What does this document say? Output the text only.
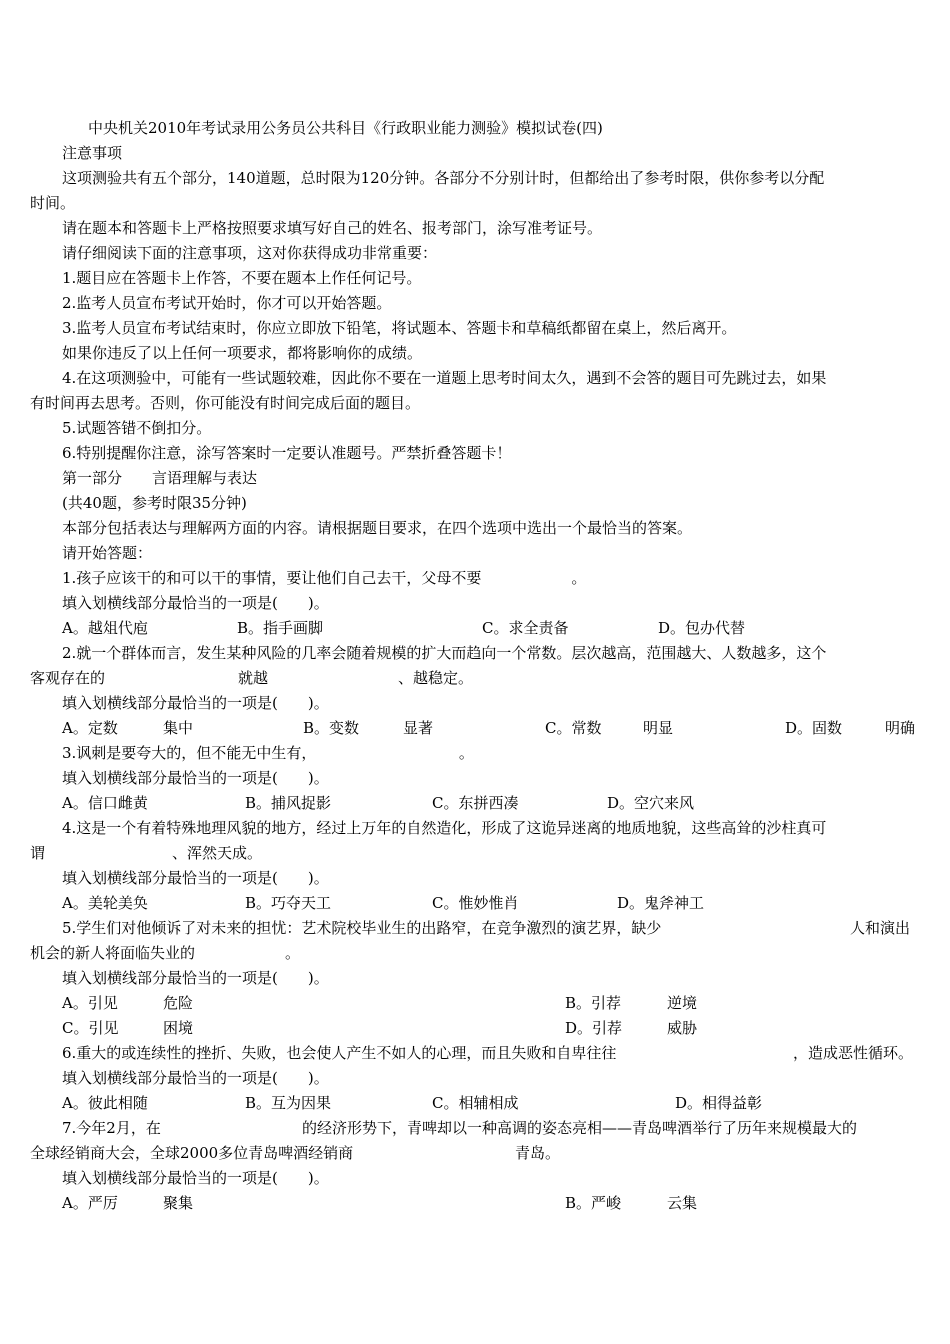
中央机关2010年考试录用公务员公共科目《行政职业能力测验》模拟试卷(四)
注意事项
这项测验共有五个部分，140道题，总时限为120分钟。各部分不分别计时，但都给出了参考时限，供你参考以分配
时间。
请在题本和答题卡上严格按照要求填写好自己的姓名、报考部门，涂写准考证号。
请仔细阅读下面的注意事项，这对你获得成功非常重要：
1.题目应在答题卡上作答，不要在题本上作任何记号。
2.监考人员宣布考试开始时，你才可以开始答题。
3.监考人员宣布考试结束时，你应立即放下铅笔，将试题本、答题卡和草稿纸都留在桌上，然后离开。
如果你违反了以上任何一项要求，都将影响你的成绩。
4.在这项测验中，可能有一些试题较难，因此你不要在一道题上思考时间太久，遇到不会答的题目可先跳过去，如果
有时间再去思考。否则，你可能没有时间完成后面的题目。
5.试题答错不倒扣分。
6.特别提醒你注意，涂写答案时一定要认准题号。严禁折叠答题卡！
第一部分　　言语理解与表达
(共40题，参考时限35分钟)
本部分包括表达与理解两方面的内容。请根据题目要求，在四个选项中选出一个最恰当的答案。
请开始答题：
1.孩子应该干的和可以干的事情，要让他们自己去干，父母不要　　　　　　。
填入划横线部分最恰当的一项是(　　)。
A。越俎代庖	B。指手画脚	C。求全责备	D。包办代替
2.就一个群体而言，发生某种风险的几率会随着规模的扩大而趋向一个常数。层次越高，范围越大、人数越多，这个
客观存在的	就越	、越稳定。
填入划横线部分最恰当的一项是(　　)。
A。定数	集中	B。变数	显著	C。常数	明显	D。固数	明确
3.讽刺是要夸大的，但不能无中生有，　　　　　　　　　　。
填入划横线部分最恰当的一项是(　　)。
A。信口雌黄	B。捕风捉影	C。东拼西凑	D。空穴来风
4.这是一个有着特殊地理风貌的地方，经过上万年的自然造化，形成了这诡异迷离的地质地貌，这些高耸的沙柱真可
谓	、浑然天成。
填入划横线部分最恰当的一项是(　　)。
A。美轮美奂	B。巧夺天工	C。惟妙惟肖	D。鬼斧神工
5.学生们对他倾诉了对未来的担忧：艺术院校毕业生的出路窄，在竞争激烈的演艺界，缺少	人和演出
机会的新人将面临失业的　　　　　　。
填入划横线部分最恰当的一项是(　　)。
A。引见	危险	B。引荐	逆境
C。引见	困境	D。引荐	威胁
6.重大的或连续性的挫折、失败，也会使人产生不如人的心理，而且失败和自卑往往	，造成恶性循环。
填入划横线部分最恰当的一项是(　　)。
A。彼此相随	B。互为因果	C。相辅相成	D。相得益彰
7.今年2月，在	的经济形势下，青啤却以一种高调的姿态亮相——青岛啤酒举行了历年来规模最大的
全球经销商大会，全球2000多位青岛啤酒经销商	青岛。
填入划横线部分最恰当的一项是(　　)。
A。严厉	聚集	B。严峻	云集
